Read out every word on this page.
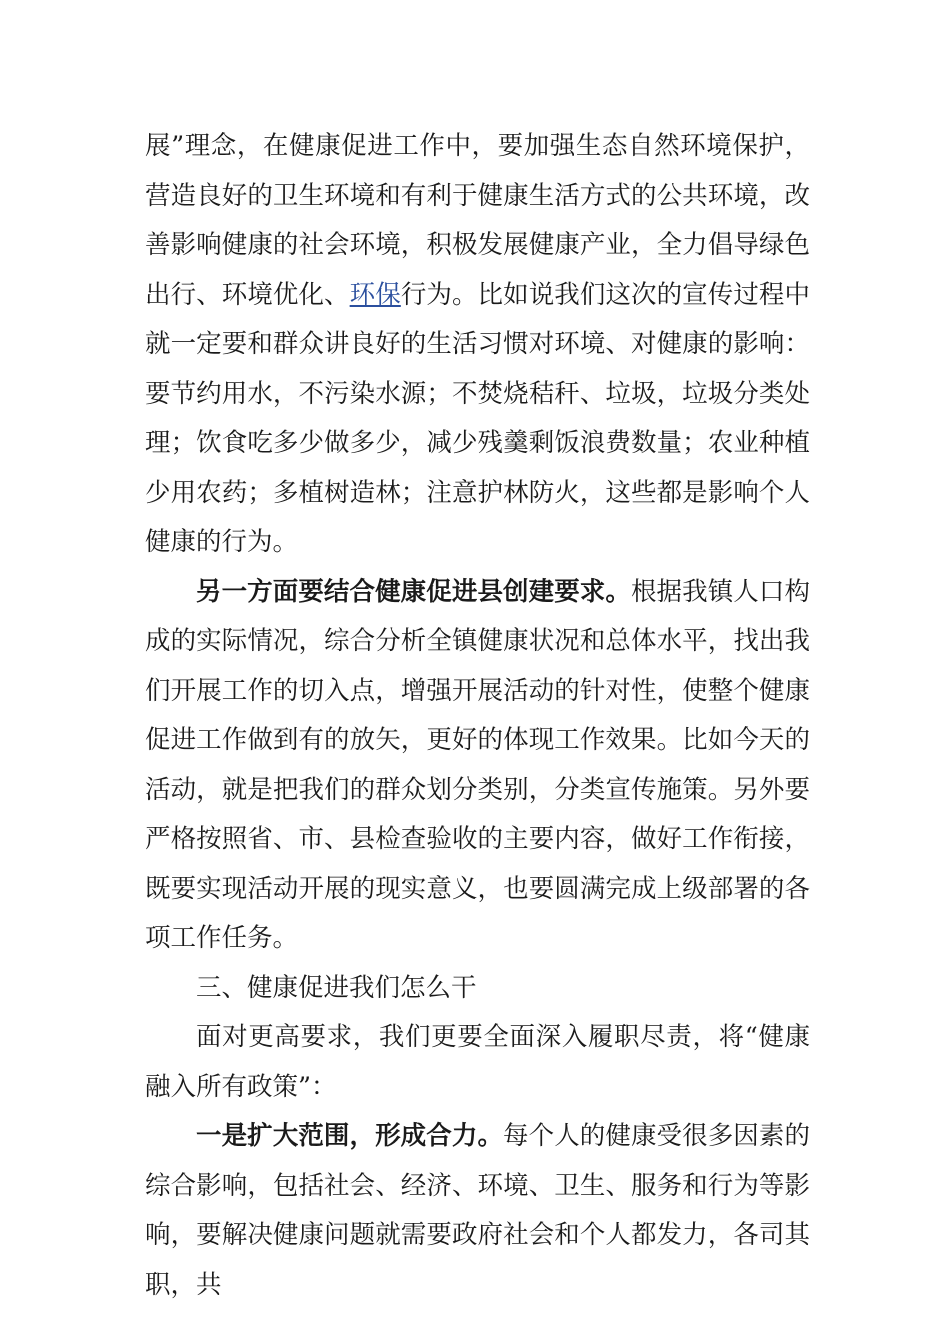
展”理念，在健康促进工作中，要加强生态自然环境保护，营造良好的卫生环境和有利于健康生活方式的公共环境，改善影响健康的社会环境，积极发展健康产业，全力倡导绿色出行、环境优化、环保行为。比如说我们这次的宣传过程中就一定要和群众讲良好的生活习惯对环境、对健康的影响：要节约用水，不污染水源；不焚烧秸秆、垃圾，垃圾分类处理；饮食吃多少做多少，减少残羹剩饭浪费数量；农业种植少用农药；多植树造林；注意护林防火，这些都是影响个人健康的行为。

另一方面要结合健康促进县创建要求。根据我镇人口构成的实际情况，综合分析全镇健康状况和总体水平，找出我们开展工作的切入点，增强开展活动的针对性，使整个健康促进工作做到有的放矢，更好的体现工作效果。比如今天的活动，就是把我们的群众划分类别，分类宣传施策。另外要严格按照省、市、县检查验收的主要内容，做好工作衔接，既要实现活动开展的现实意义，也要圆满完成上级部署的各项工作任务。

三、健康促进我们怎么干

面对更高要求，我们更要全面深入履职尽责，将“健康融入所有政策”：

一是扩大范围，形成合力。每个人的健康受很多因素的综合影响，包括社会、经济、环境、卫生、服务和行为等影响，要解决健康问题就需要政府社会和个人都发力，各司其职，共
